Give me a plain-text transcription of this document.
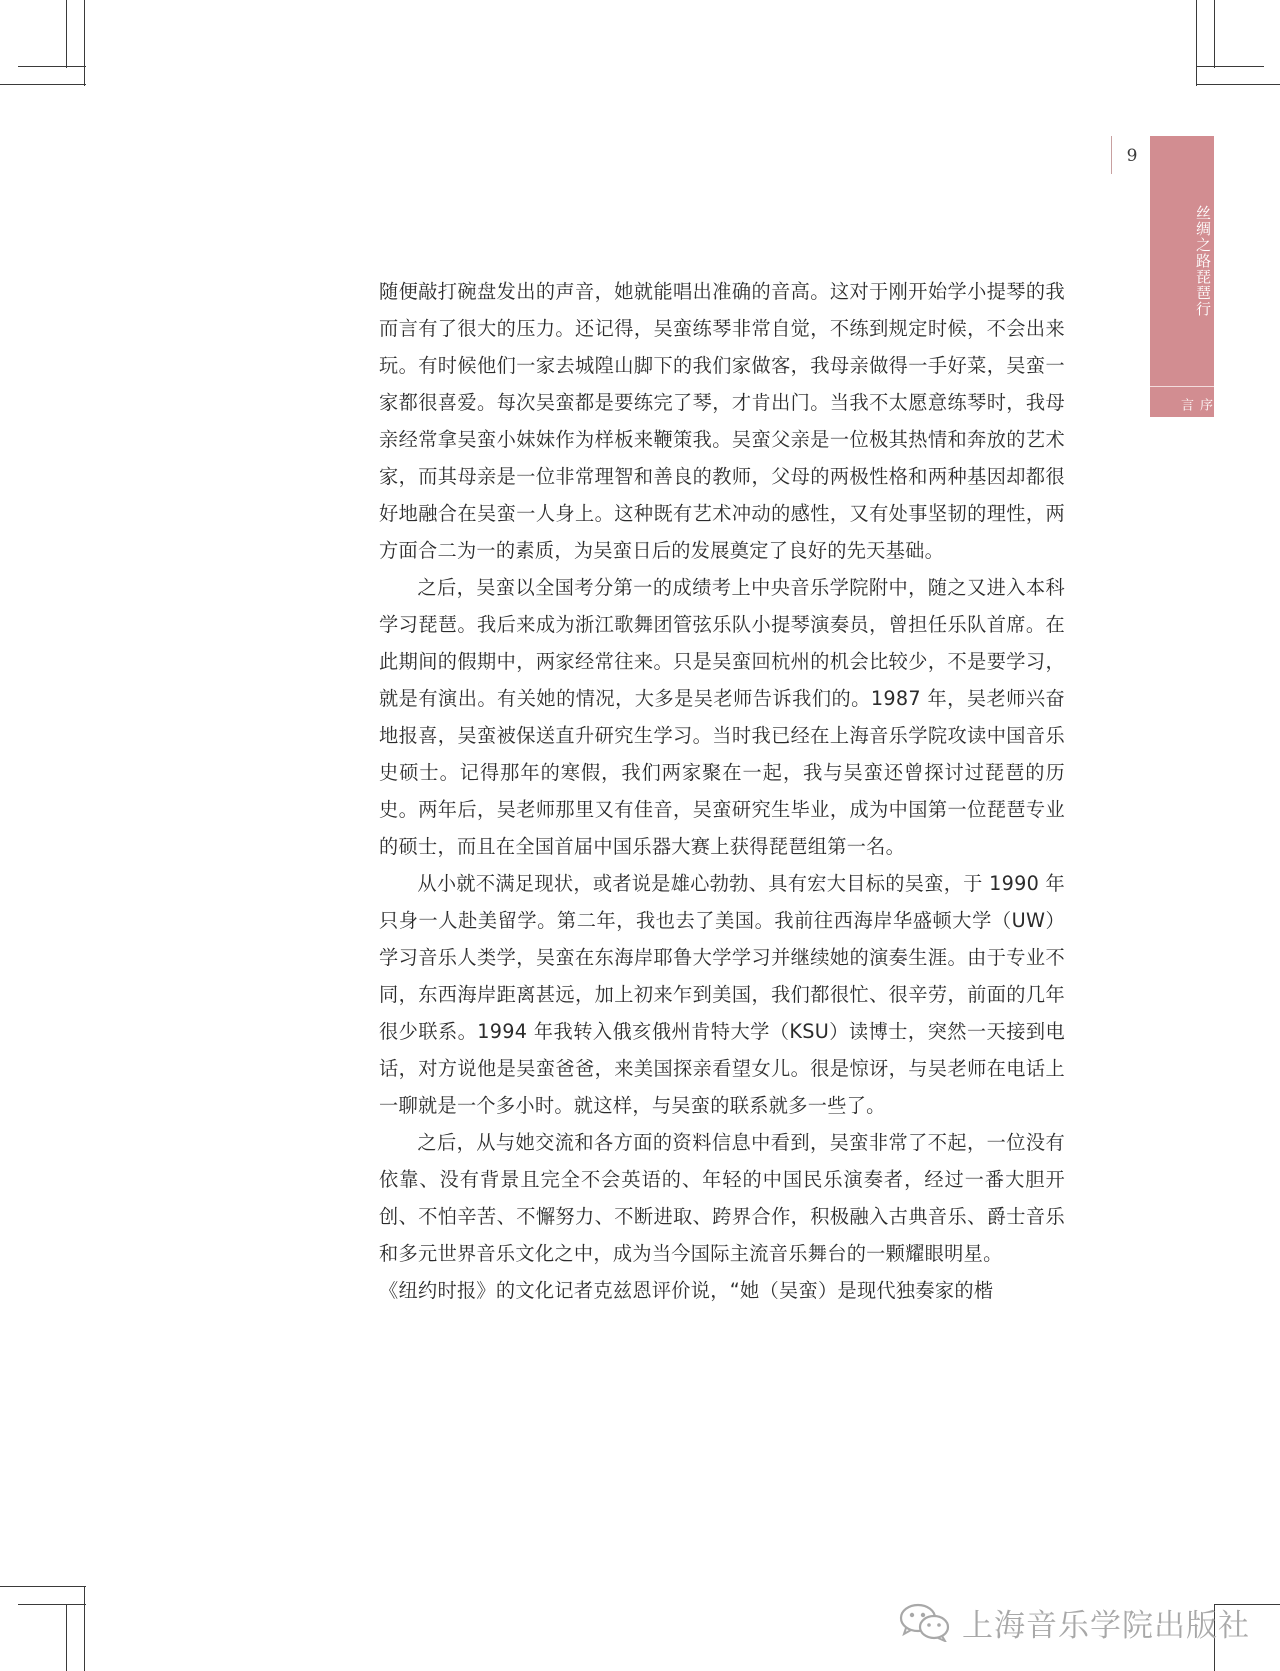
9
丝绸之路琵琶行
序言

随便敲打碗盘发出的声音，她就能唱出准确的音高。这对于刚开始学小提琴的我而言有了很大的压力。还记得，吴蛮练琴非常自觉，不练到规定时候，不会出来玩。有时候他们一家去城隍山脚下的我们家做客，我母亲做得一手好菜，吴蛮一家都很喜爱。每次吴蛮都是要练完了琴，才肯出门。当我不太愿意练琴时，我母亲经常拿吴蛮小妹妹作为样板来鞭策我。吴蛮父亲是一位极其热情和奔放的艺术家，而其母亲是一位非常理智和善良的教师，父母的两极性格和两种基因却都很好地融合在吴蛮一人身上。这种既有艺术冲动的感性，又有处事坚韧的理性，两方面合二为一的素质，为吴蛮日后的发展奠定了良好的先天基础。

之后，吴蛮以全国考分第一的成绩考上中央音乐学院附中，随之又进入本科学习琵琶。我后来成为浙江歌舞团管弦乐队小提琴演奏员，曾担任乐队首席。在此期间的假期中，两家经常往来。只是吴蛮回杭州的机会比较少，不是要学习，就是有演出。有关她的情况，大多是吴老师告诉我们的。1987 年，吴老师兴奋地报喜，吴蛮被保送直升研究生学习。当时我已经在上海音乐学院攻读中国音乐史硕士。记得那年的寒假，我们两家聚在一起，我与吴蛮还曾探讨过琵琶的历史。两年后，吴老师那里又有佳音，吴蛮研究生毕业，成为中国第一位琵琶专业的硕士，而且在全国首届中国乐器大赛上获得琵琶组第一名。

从小就不满足现状，或者说是雄心勃勃、具有宏大目标的吴蛮，于 1990 年只身一人赴美留学。第二年，我也去了美国。我前往西海岸华盛顿大学（UW）学习音乐人类学，吴蛮在东海岸耶鲁大学学习并继续她的演奏生涯。由于专业不同，东西海岸距离甚远，加上初来乍到美国，我们都很忙、很辛劳，前面的几年很少联系。1994 年我转入俄亥俄州肯特大学（KSU）读博士，突然一天接到电话，对方说他是吴蛮爸爸，来美国探亲看望女儿。很是惊讶，与吴老师在电话上一聊就是一个多小时。就这样，与吴蛮的联系就多一些了。

之后，从与她交流和各方面的资料信息中看到，吴蛮非常了不起，一位没有依靠、没有背景且完全不会英语的、年轻的中国民乐演奏者，经过一番大胆开创、不怕辛苦、不懈努力、不断进取、跨界合作，积极融入古典音乐、爵士音乐和多元世界音乐文化之中，成为当今国际主流音乐舞台的一颗耀眼明星。

《纽约时报》的文化记者克兹恩评价说，“她（吴蛮）是现代独奏家的楷

上海音乐学院出版社
